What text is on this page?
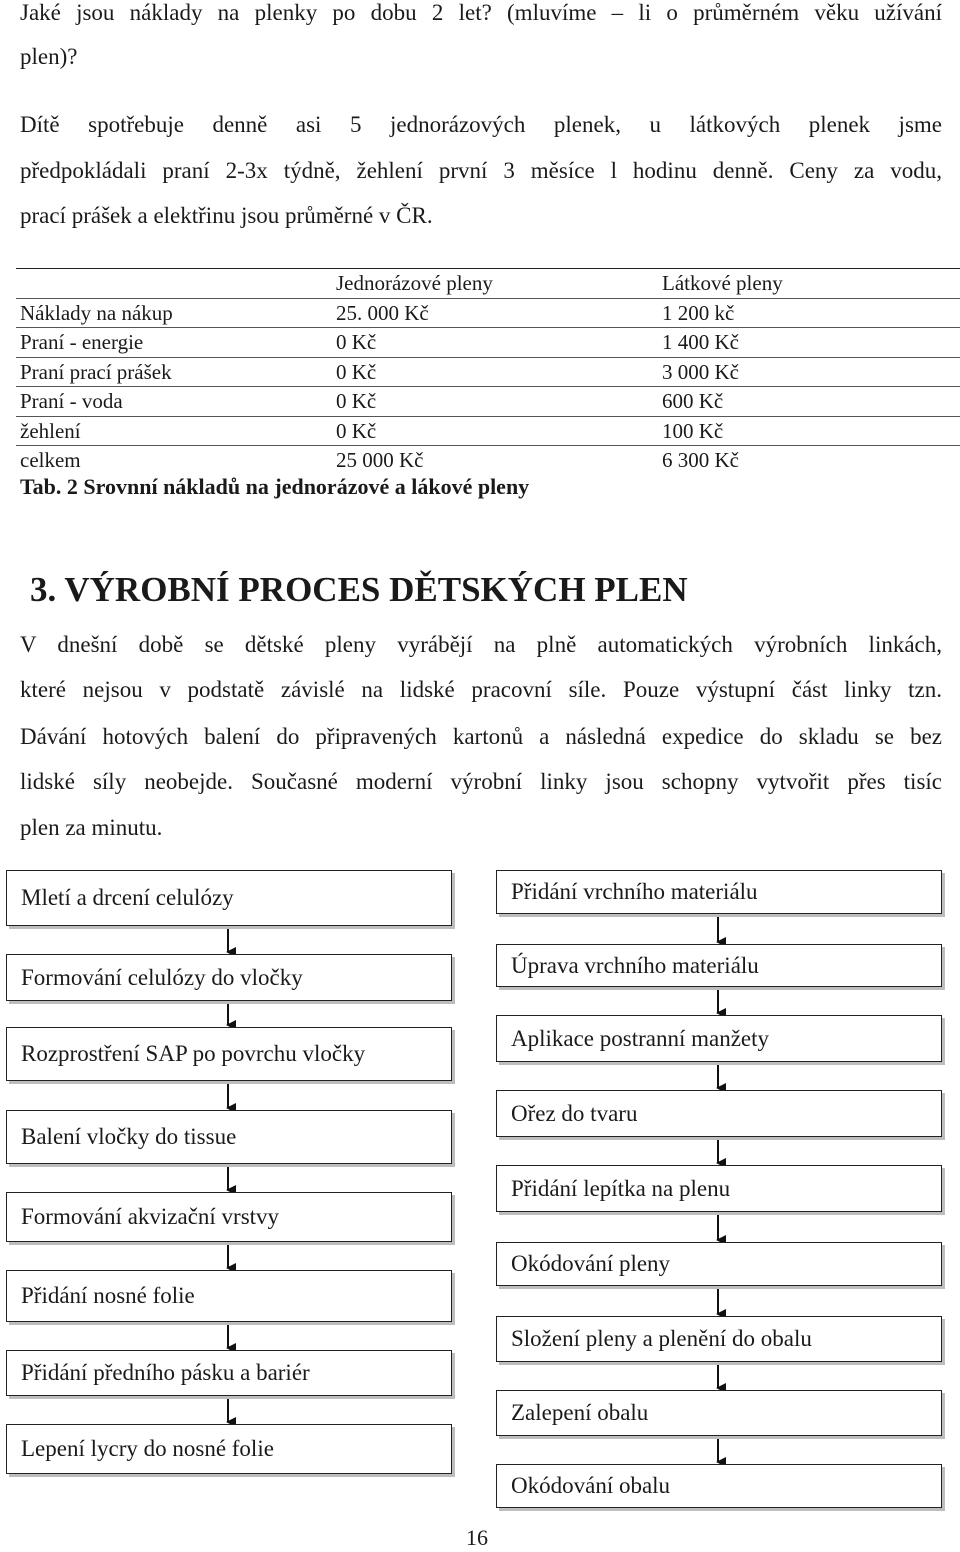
Jaké jsou náklady na plenky po dobu 2 let? (mluvíme – li o průměrném věku užívání
plen)?
Dítě spotřebuje denně asi 5 jednorázových plenek, u látkových plenek jsme
předpokládali praní 2-3x týdně, žehlení první 3 měsíce l hodinu denně. Ceny za vodu,
prací prášek a elektřinu jsou průměrné v ČR.
	Jednorázové pleny	Látkové pleny
Náklady na nákup	25. 000 Kč	1 200 kč
Praní - energie	0 Kč	1 400 Kč
Praní prací prášek	0 Kč	3 000 Kč
Praní - voda	0 Kč	600 Kč
žehlení	0 Kč	100 Kč
celkem	25 000 Kč	6 300 Kč
Tab. 2 Srovnní nákladů na jednorázové a lákové pleny
3. VÝROBNÍ PROCES DĚTSKÝCH PLEN
V dnešní době se dětské pleny vyrábějí na plně automatických výrobních linkách,
které nejsou v podstatě závislé na lidské pracovní síle. Pouze výstupní část linky tzn.
Dávání hotových balení do připravených kartonů a následná expedice do skladu se bez
lidské síly neobejde. Současné moderní výrobní linky jsou schopny vytvořit přes tisíc
plen za minutu.
Mletí a drcení celulózy
Formování celulózy do vločky
Rozprostření SAP po povrchu vločky
Balení vločky do tissue
Formování akvizační vrstvy
Přidání nosné folie
Přidání předního pásku a bariér
Lepení lycry do nosné folie
Přidání vrchního materiálu
Úprava vrchního materiálu
Aplikace postranní manžety
Ořez do tvaru
Přidání lepítka na plenu
Okódování pleny
Složení pleny a plenění do obalu
Zalepení obalu
Okódování obalu
16
